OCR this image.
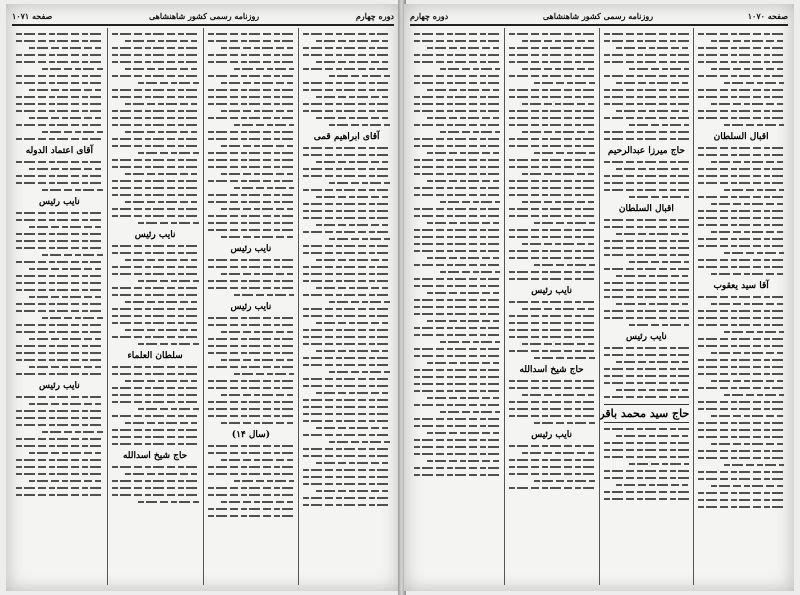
دوره چهارم
روزنامه رسمی کشور شاهنشاهی
صفحه ۱۰۷۱
آقای ابراهیم قمی
نایب رئیس
نایب رئیس
(سال ۱۴)
نایب رئیس
سلطان العلماء
حاج شیخ اسدالله
آقای اعتماد الدوله
نایب رئیس
نایب رئیس
صفحه ۱۰۷۰
روزنامه رسمی کشور شاهنشاهی
دوره چهارم
اقبال السلطان
آقا سید یعقوب
حاج میرزا عبدالرحیم
اقبال السلطان
نایب رئیس
حاج سید محمد باقر
نایب رئیس
حاج شیخ اسدالله
نایب رئیس
